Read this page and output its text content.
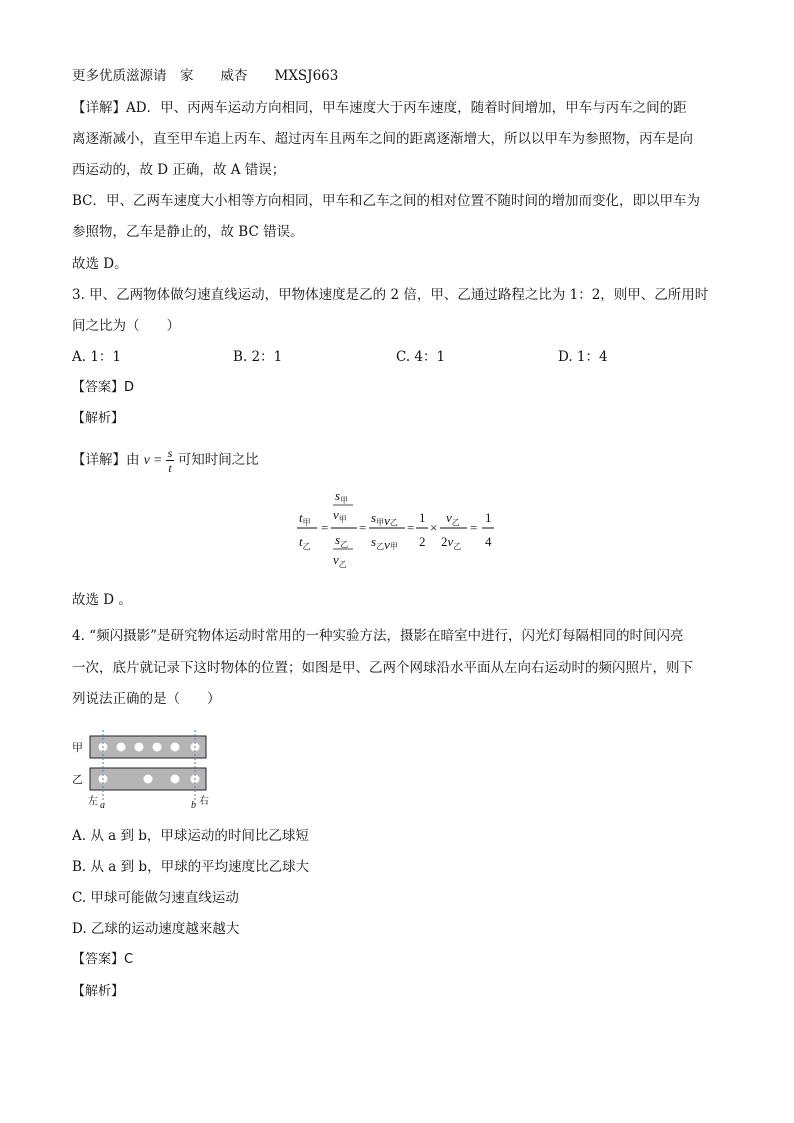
更多优质滋源请　家　　威杏　　MXSJ663
【详解】AD．甲、丙两车运动方向相同，甲车速度大于丙车速度，随着时间增加，甲车与丙车之间的距
离逐渐减小，直至甲车追上丙车、超过丙车且两车之间的距离逐渐增大，所以以甲车为参照物，丙车是向
西运动的，故 D 正确，故 A 错误；
BC．甲、乙两车速度大小相等方向相同，甲车和乙车之间的相对位置不随时间的增加而变化，即以甲车为
参照物，乙车是静止的，故 BC 错误。
故选 D。
3. 甲、乙两物体做匀速直线运动，甲物体速度是乙的 2 倍，甲、乙通过路程之比为 1：2，则甲、乙所用时
间之比为（　　）
A. 1：1	B. 2：1	C. 4：1	D. 1：4
【答案】D
【解析】
【详解】由 $v = \frac{s}{t}$ 可知时间之比
$t_甲$
$t_乙$
=
$s_甲$
$v_甲$
$s_乙$
$v_乙$
=
$s_甲v$乙
$s_乙v$甲
=
1
2
×
$v_乙$
$2v_乙$
=
1
4
故选 D 。
4. “频闪摄影”是研究物体运动时常用的一种实验方法，摄影在暗室中进行，闪光灯每隔相同的时间闪亮
一次，底片就记录下这时物体的位置；如图是甲、乙两个网球沿水平面从左向右运动时的频闪照片，则下
列说法正确的是（　　）
甲
乙
左 a	b 右
A. 从 a 到 b，甲球运动的时间比乙球短
B. 从 a 到 b，甲球的平均速度比乙球大
C. 甲球可能做匀速直线运动
D. 乙球的运动速度越来越大
【答案】C
【解析】
